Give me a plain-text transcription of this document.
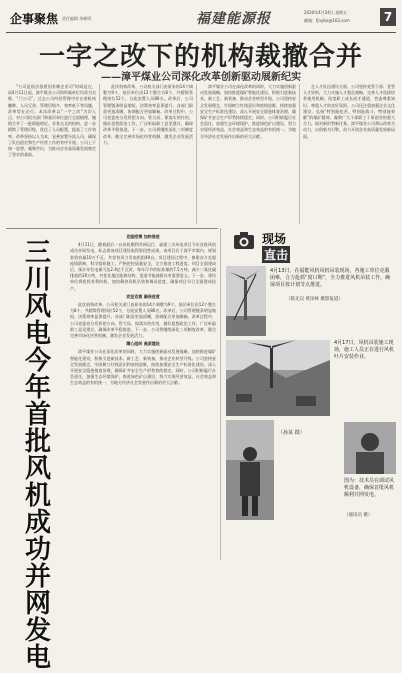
企事聚焦 责任编辑 余峡明	福建能源报	2020年4月24日 星期五
邮箱：fjnybx@163.com	7
一字之改下的机构裁撤合并
——漳平煤业公司深化改革创新驱动展新纪实

“公司是依法依照国有制企业司”时间是在，试4月11日起，漳平煤业公司和所属单位均改为名称，“门公司”。过去公司经营管理中存在着机构臃肿、人员冗余、管理层级多、效率低下等问题，改革势在必行。本次改革以“一字之改”为切入点，对公司机关部门和基层单位进行全面梳理，撤销合并了一批职能相近、业务交叉的机构，进一步精简了管理层级，优化了人员配置，提高了工作效率。改革坚持以人为本，妥善安置分流人员，确保了队伍稳定和生产经营工作的有序开展。公司上下统一思想，凝聚共识，为推动企业高质量发展奠定了坚实的基础。

此次机构改革，公司机关部门由原来的14个调整为9个，基层单位由12个整合为8个，共精简管理岗位52个，分流安置人员86名。改革后，公司管理链条明显缩短，决策效率显著提升，各部门职责更加清晰，协调配合更加顺畅。改革过程中，公司党委充分发挥把方向、管大局、保落实的作用，做好思想政治工作，广泛听取职工意见建议，确保改革平稳推进。下一步，公司将继续深化三项制度改革，健全完善市场化经营机制，激发企业发展活力。

漳平煤业公司在深化改革的同时，大力实施创新驱动发展战略，加快推进煤矿智能化建设，积极引进新技术、新工艺、新装备，推动企业转型升级。公司坚持安全发展理念，牢固树立红线意识和底线思维，持续加强安全生产标准化建设，深入开展安全隐患排查治理，确保矿井安全生产形势持续稳定。同时，公司积极履行社会责任，加强生态环境保护，推进绿色矿山建设，努力实现经济效益、社会效益和生态效益的有机统一，为地方经济社会发展作出新的更大贡献。

在人才队伍建设方面，公司坚持党管干部、党管人才原则，大力实施人才强企战略，完善人才选拔培养使用机制，拓宽职工成长成才通道，营造尊重知识、尊重人才的良好氛围。公司还注重加强企业文化建设，弘扬“特别能吃苦、特别能战斗、特别能奉献”的煤矿精神，凝聚广大干部职工干事创业的强大合力。面对新形势新任务，漳平煤业公司将以改革为动力，以创新为引擎，奋力开创企业高质量发展新局面。

三
川
风
电
今
年
首
批
风
机
成
功
并
网
发
电

克服疫情 加快推进

4月11日，随着最后一台风机顺利并网运行，福建三川风电项目今年首批风机成功并网发电，标志着该项目建设取得阶段性成果。该项目位于漳平市境内，规划装机容量10万千瓦，共安装风力发电机组40台。项目建设过程中，参建各方克服疫情影响，科学组织施工，严格把控质量安全，全力推进工程进度。项目全面建成后，预计年发电量可达2.4亿千瓦时，每年可节约标准煤约7.5万吨，减少二氧化碳排放约20万吨，对优化地区能源结构、促进节能减排具有重要意义。下一步，建设单位将抢抓有利时机，加快剩余风机吊装和调试进度，确保项目早日全面建成投产。

攻坚克难 确保进度

此次机构改革，公司机关部门由原来的14个调整为9个，基层单位由12个整合为8个，共精简管理岗位52个，分流安置人员86名。改革后，公司管理链条明显缩短，决策效率显著提升，各部门职责更加清晰，协调配合更加顺畅。改革过程中，公司党委充分发挥把方向、管大局、保落实的作用，做好思想政治工作，广泛听取职工意见建议，确保改革平稳推进。下一步，公司将继续深化三项制度改革，健全完善市场化经营机制，激发企业发展活力。

精心组织 高质建设

漳平煤业公司在深化改革的同时，大力实施创新驱动发展战略，加快推进煤矿智能化建设，积极引进新技术、新工艺、新装备，推动企业转型升级。公司坚持安全发展理念，牢固树立红线意识和底线思维，持续加强安全生产标准化建设，深入开展安全隐患排查治理，确保矿井安全生产形势持续稳定。同时，公司积极履行社会责任，加强生态环境保护，推进绿色矿山建设，努力实现经济效益、社会效益和生态效益的有机统一，为地方经济社会发展作出新的更大贡献。

现场
直击
4月13日，在福能风机风机吊装现场，各施工单位克服困难，合力抢抓“窗口期”，全力推进风机吊装工作，确保项目按计划节点推进。
（陈先汉 黄泽林 摄影报道）
4月17日，风机吊装施工现场，施工人员正在进行风机叶片安装作业。
（孙某 摄）
图为：技术员在调试风机设备，确保首批风机顺利并网发电。
（通讯员 摄）
